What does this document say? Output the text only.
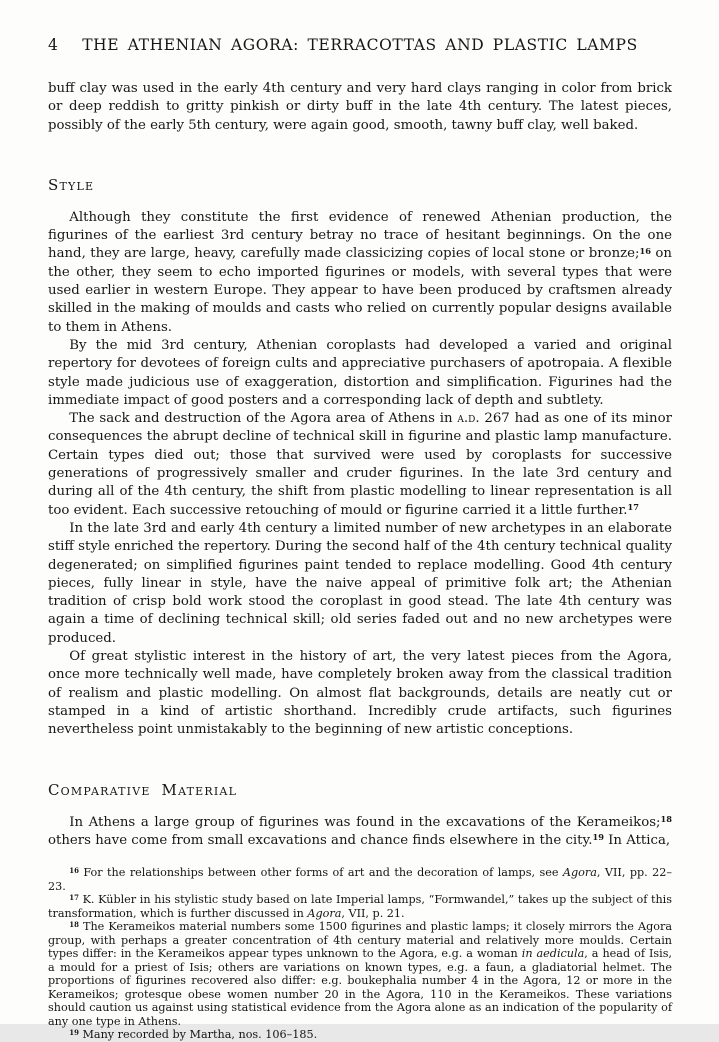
4	THE ATHENIAN AGORA: TERRACOTTAS AND PLASTIC LAMPS

buff clay was used in the early 4th century and very hard clays ranging in color from brick or deep reddish to gritty pinkish or dirty buff in the late 4th century. The latest pieces, possibly of the early 5th century, were again good, smooth, tawny buff clay, well baked.

Style

Although they constitute the first evidence of renewed Athenian production, the figurines of the earliest 3rd century betray no trace of hesitant beginnings. On the one hand, they are large, heavy, carefully made classicizing copies of local stone or bronze;$^{16}$ on the other, they seem to echo imported figurines or models, with several types that were used earlier in western Europe. They appear to have been produced by craftsmen already skilled in the making of moulds and casts who relied on currently popular designs available to them in Athens.

By the mid 3rd century, Athenian coroplasts had developed a varied and original repertory for devotees of foreign cults and appreciative purchasers of apotropaia. A flexible style made judicious use of exaggeration, distortion and simplification. Figurines had the immediate impact of good posters and a corresponding lack of depth and subtlety.

The sack and destruction of the Agora area of Athens in a.d. 267 had as one of its minor consequences the abrupt decline of technical skill in figurine and plastic lamp manufacture. Certain types died out; those that survived were used by coroplasts for successive generations of progressively smaller and cruder figurines. In the late 3rd century and during all of the 4th century, the shift from plastic modelling to linear representation is all too evident. Each successive retouching of mould or figurine carried it a little further.$^{17}$

In the late 3rd and early 4th century a limited number of new archetypes in an elaborate stiff style enriched the repertory. During the second half of the 4th century technical quality degenerated; on simplified figurines paint tended to replace modelling. Good 4th century pieces, fully linear in style, have the naive appeal of primitive folk art; the Athenian tradition of crisp bold work stood the coroplast in good stead. The late 4th century was again a time of declining technical skill; old series faded out and no new archetypes were produced.

Of great stylistic interest in the history of art, the very latest pieces from the Agora, once more technically well made, have completely broken away from the classical tradition of realism and plastic modelling. On almost flat backgrounds, details are neatly cut or stamped in a kind of artistic shorthand. Incredibly crude artifacts, such figurines nevertheless point unmistakably to the beginning of new artistic conceptions.

Comparative Material

In Athens a large group of figurines was found in the excavations of the Kerameikos;$^{18}$ others have come from small excavations and chance finds elsewhere in the city.$^{19}$ In Attica,

$^{16}$ For the relationships between other forms of art and the decoration of lamps, see Agora, VII, pp. 22–23.

$^{17}$ K. Kübler in his stylistic study based on late Imperial lamps, “Formwandel,” takes up the subject of this transformation, which is further discussed in Agora, VII, p. 21.

$^{18}$ The Kerameikos material numbers some 1500 figurines and plastic lamps; it closely mirrors the Agora group, with perhaps a greater concentration of 4th century material and relatively more moulds. Certain types differ: in the Kerameikos appear types unknown to the Agora, e.g. a woman in aedicula, a head of Isis, a mould for a priest of Isis; others are variations on known types, e.g. a faun, a gladiatorial helmet. The proportions of figurines recovered also differ: e.g. boukephalia number 4 in the Agora, 12 or more in the Kerameikos; grotesque obese women number 20 in the Agora, 110 in the Kerameikos. These variations should caution us against using statistical evidence from the Agora alone as an indication of the popularity of any one type in Athens.

$^{19}$ Many recorded by Martha, nos. 106–185.
